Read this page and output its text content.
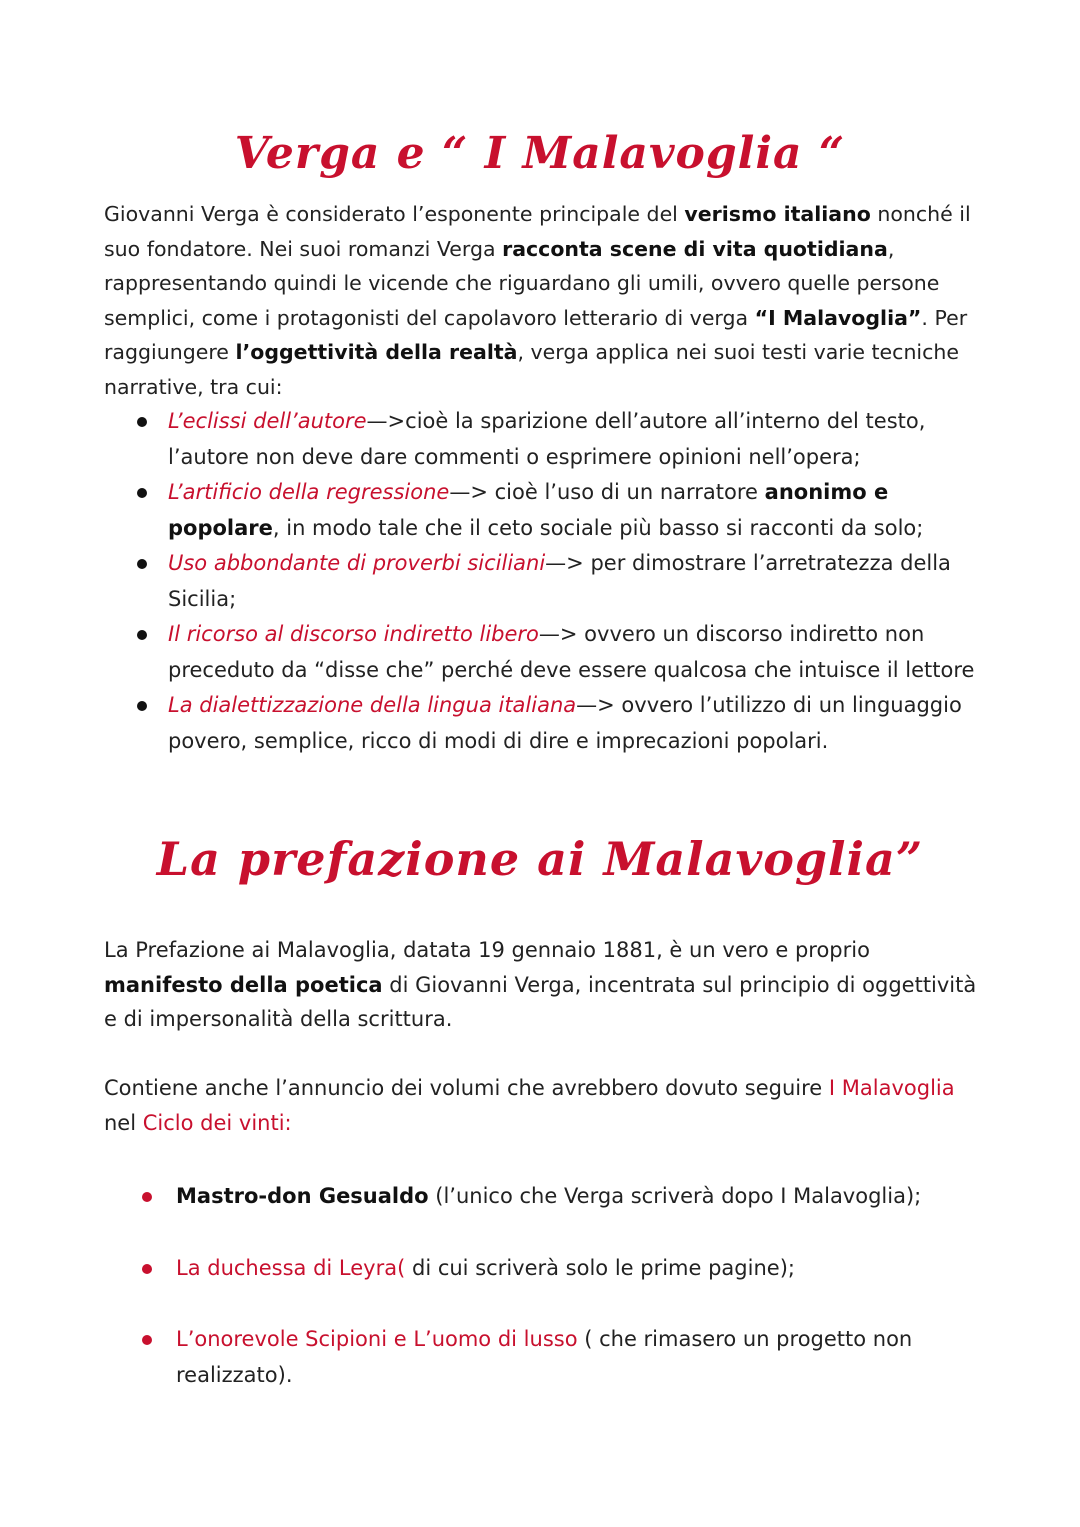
Verga e “ I Malavoglia “
Giovanni Verga è considerato l’esponente principale del verismo italiano nonché il suo fondatore. Nei suoi romanzi Verga racconta scene di vita quotidiana, rappresentando quindi le vicende che riguardano gli umili, ovvero quelle persone semplici, come i protagonisti del capolavoro letterario di verga “I Malavoglia”. Per raggiungere l’oggettività della realtà, verga applica nei suoi testi varie tecniche narrative, tra cui:
L’eclissi dell’autore—>cioè la sparizione dell’autore all’interno del testo, l’autore non deve dare commenti o esprimere opinioni nell’opera;
L’artificio della regressione—> cioè l’uso di un narratore anonimo e popolare, in modo tale che il ceto sociale più basso si racconti da solo;
Uso abbondante di proverbi siciliani—> per dimostrare l’arretratezza della Sicilia;
Il ricorso al discorso indiretto libero—> ovvero un discorso indiretto non preceduto da “disse che” perché deve essere qualcosa che intuisce il lettore
La dialettizzazione della lingua italiana—> ovvero l’utilizzo di un linguaggio povero, semplice, ricco di modi di dire e imprecazioni popolari.
La prefazione ai Malavoglia”
La Prefazione ai Malavoglia, datata 19 gennaio 1881, è un vero e proprio manifesto della poetica di Giovanni Verga, incentrata sul principio di oggettività e di impersonalità della scrittura.
Contiene anche l’annuncio dei volumi che avrebbero dovuto seguire I Malavoglia nel Ciclo dei vinti:
Mastro-don Gesualdo (l’unico che Verga scriverà dopo I Malavoglia);
La duchessa di Leyra( di cui scriverà solo le prime pagine);
L’onorevole Scipioni e L’uomo di lusso ( che rimasero un progetto non realizzato).
